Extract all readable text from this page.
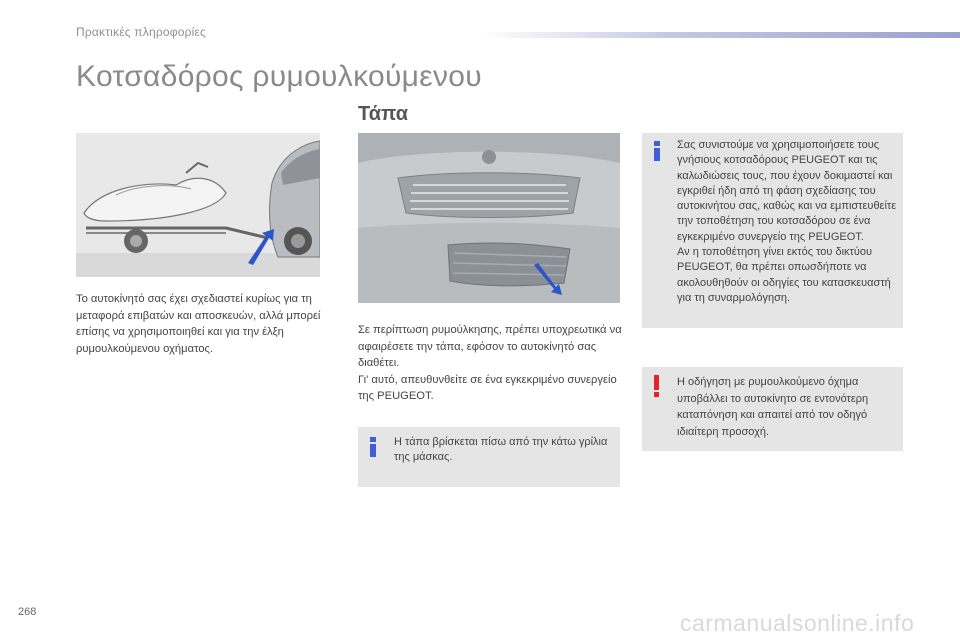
Πρακτικές πληροφορίες
Κοτσαδόρος ρυμουλκούμενου
Τάπα
Το αυτοκίνητό σας έχει σχεδιαστεί κυρίως για τη μεταφορά επιβατών και αποσκευών, αλλά μπορεί επίσης να χρησιμοποιηθεί και για την έλξη ρυμουλκούμενου οχήματος.
Σε περίπτωση ρυμούλκησης, πρέπει υποχρεωτικά να αφαιρέσετε την τάπα, εφόσον το αυτοκίνητό σας διαθέτει.
Γι' αυτό, απευθυνθείτε σε ένα εγκεκριμένο συνεργείο της PEUGEOT.
Η τάπα βρίσκεται πίσω από την κάτω γρίλια της μάσκας.
Σας συνιστούμε να χρησιμοποιήσετε τους γνήσιους κοτσαδόρους PEUGEOT και τις καλωδιώσεις τους, που έχουν δοκιμαστεί και εγκριθεί ήδη από τη φάση σχεδίασης του αυτοκινήτου σας, καθώς και να εμπιστευθείτε την τοποθέτηση του κοτσαδόρου σε ένα εγκεκριμένο συνεργείο της PEUGEOT.
Αν η τοποθέτηση γίνει εκτός του δικτύου PEUGEOT, θα πρέπει οπωσδήποτε να ακολουθηθούν οι οδηγίες του κατασκευαστή για τη συναρμολόγηση.
Η οδήγηση με ρυμουλκούμενο όχημα υποβάλλει το αυτοκίνητο σε εντονότερη καταπόνηση και απαιτεί από τον οδηγό ιδιαίτερη προσοχή.
268	carmanualsonline.info
